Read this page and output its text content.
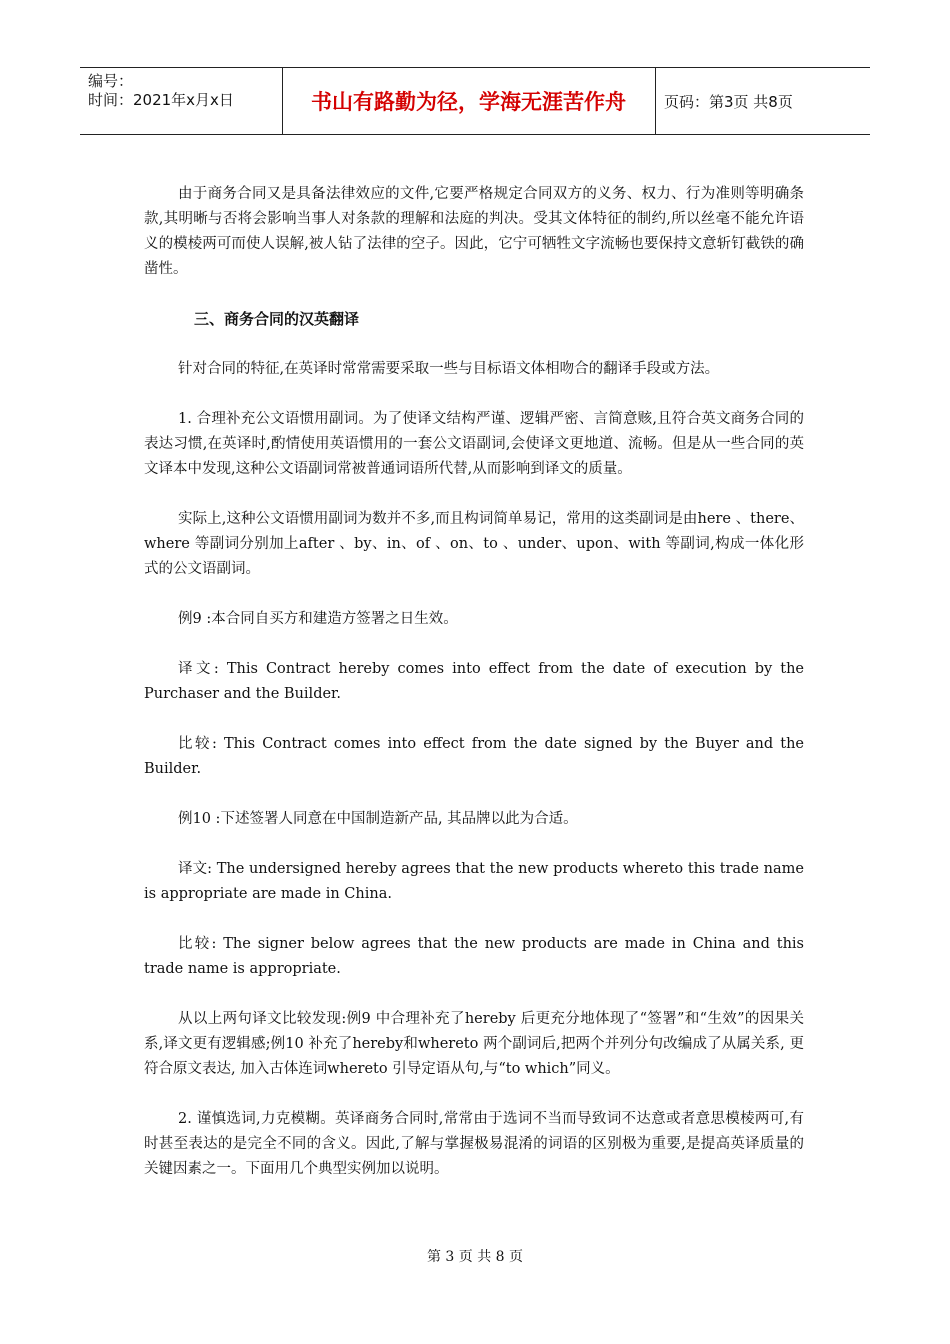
编号：
时间：2021年x月x日	书山有路勤为径，学海无涯苦作舟	页码：第3页 共8页

由于商务合同又是具备法律效应的文件,它要严格规定合同双方的义务、权力、行为准则等明确条款,其明晰与否将会影响当事人对条款的理解和法庭的判决。受其文体特征的制约,所以丝毫不能允许语义的模棱两可而使人误解,被人钻了法律的空子。因此，它宁可牺牲文字流畅也要保持文意斩钉截铁的确凿性。

三、商务合同的汉英翻译

针对合同的特征,在英译时常常需要采取一些与目标语文体相吻合的翻译手段或方法。

1. 合理补充公文语惯用副词。为了使译文结构严谨、逻辑严密、言简意赅,且符合英文商务合同的表达习惯,在英译时,酌情使用英语惯用的一套公文语副词,会使译文更地道、流畅。但是从一些合同的英文译本中发现,这种公文语副词常被普通词语所代替,从而影响到译文的质量。

实际上,这种公文语惯用副词为数并不多,而且构词简单易记，常用的这类副词是由here 、there、where 等副词分别加上after 、by、in、of 、on、to 、under、upon、with 等副词,构成一体化形式的公文语副词。

例9 :本合同自买方和建造方签署之日生效。

译文: This Contract hereby comes into effect from the date of execution by the Purchaser and the Builder.

比较: This Contract comes into effect from the date signed by the Buyer and the Builder.

例10 :下述签署人同意在中国制造新产品, 其品牌以此为合适。

译文: The undersigned hereby agrees that the new products whereto this trade name is appropriate are made in China.

比较: The signer below agrees that the new products are made in China and this trade name is appropriate.

从以上两句译文比较发现:例9 中合理补充了hereby 后更充分地体现了“签署”和“生效”的因果关系,译文更有逻辑感;例10 补充了hereby和whereto 两个副词后,把两个并列分句改编成了从属关系, 更符合原文表达, 加入古体连词whereto 引导定语从句,与“to which”同义。

2. 谨慎选词,力克模糊。英译商务合同时,常常由于选词不当而导致词不达意或者意思模棱两可,有时甚至表达的是完全不同的含义。因此,了解与掌握极易混淆的词语的区别极为重要,是提高英译质量的关键因素之一。下面用几个典型实例加以说明。

第 3 页 共 8 页
